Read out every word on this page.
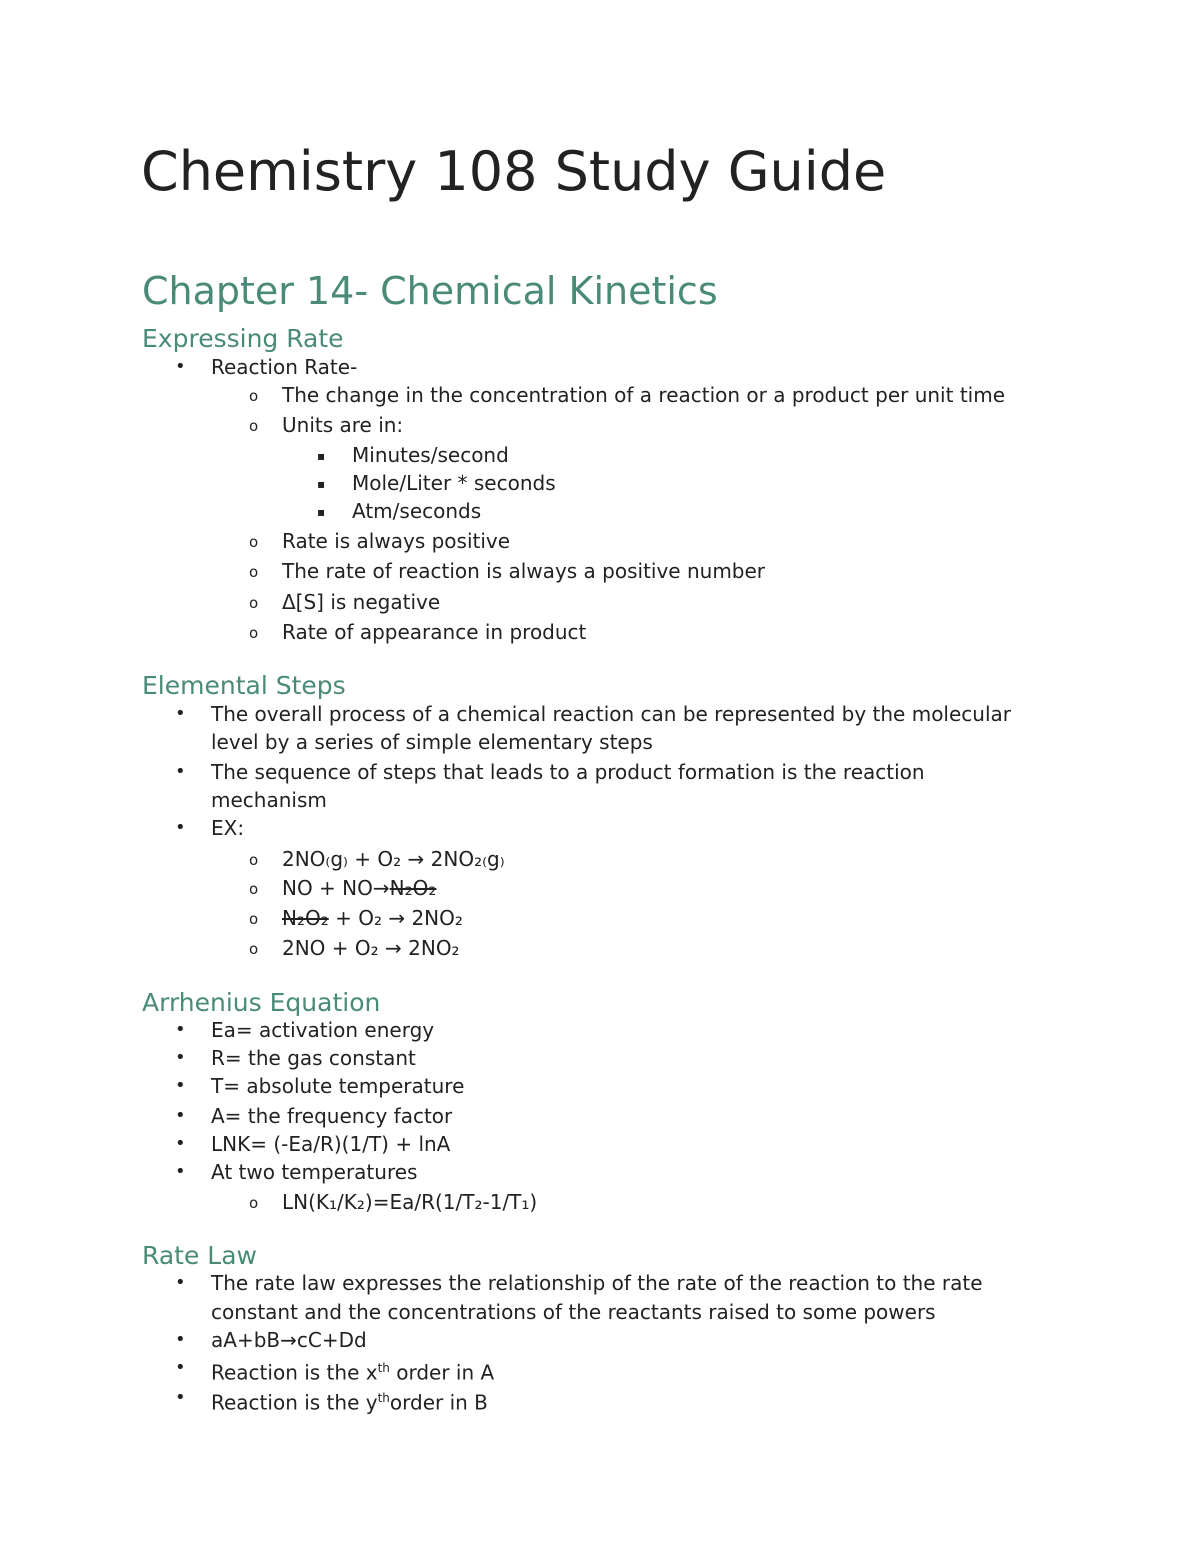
Chemistry 108 Study Guide
Chapter 14- Chemical Kinetics
Expressing Rate
• Reaction Rate-
o The change in the concentration of a reaction or a product per unit time
o Units are in:
▪ Minutes/second
▪ Mole/Liter * seconds
▪ Atm/seconds
o Rate is always positive
o The rate of reaction is always a positive number
o Δ[S] is negative
o Rate of appearance in product
Elemental Steps
• The overall process of a chemical reaction can be represented by the molecular
level by a series of simple elementary steps
• The sequence of steps that leads to a product formation is the reaction
mechanism
• EX:
o 2NO₍g₎ + O₂ → 2NO₂₍g₎
o NO + NO→N₂O₂
o N₂O₂ + O₂ → 2NO₂
o 2NO + O₂ → 2NO₂
Arrhenius Equation
• Ea= activation energy
• R= the gas constant
• T= absolute temperature
• A= the frequency factor
• LNK= (-Ea/R)(1/T) + lnA
• At two temperatures
o LN(K₁/K₂)=Ea/R(1/T₂-1/T₁)
Rate Law
• The rate law expresses the relationship of the rate of the reaction to the rate
constant and the concentrations of the reactants raised to some powers
• aA+bB→cC+Dd
• Reaction is the $x^{th}$ order in A
• Reaction is the $y^{th}order$ in B
